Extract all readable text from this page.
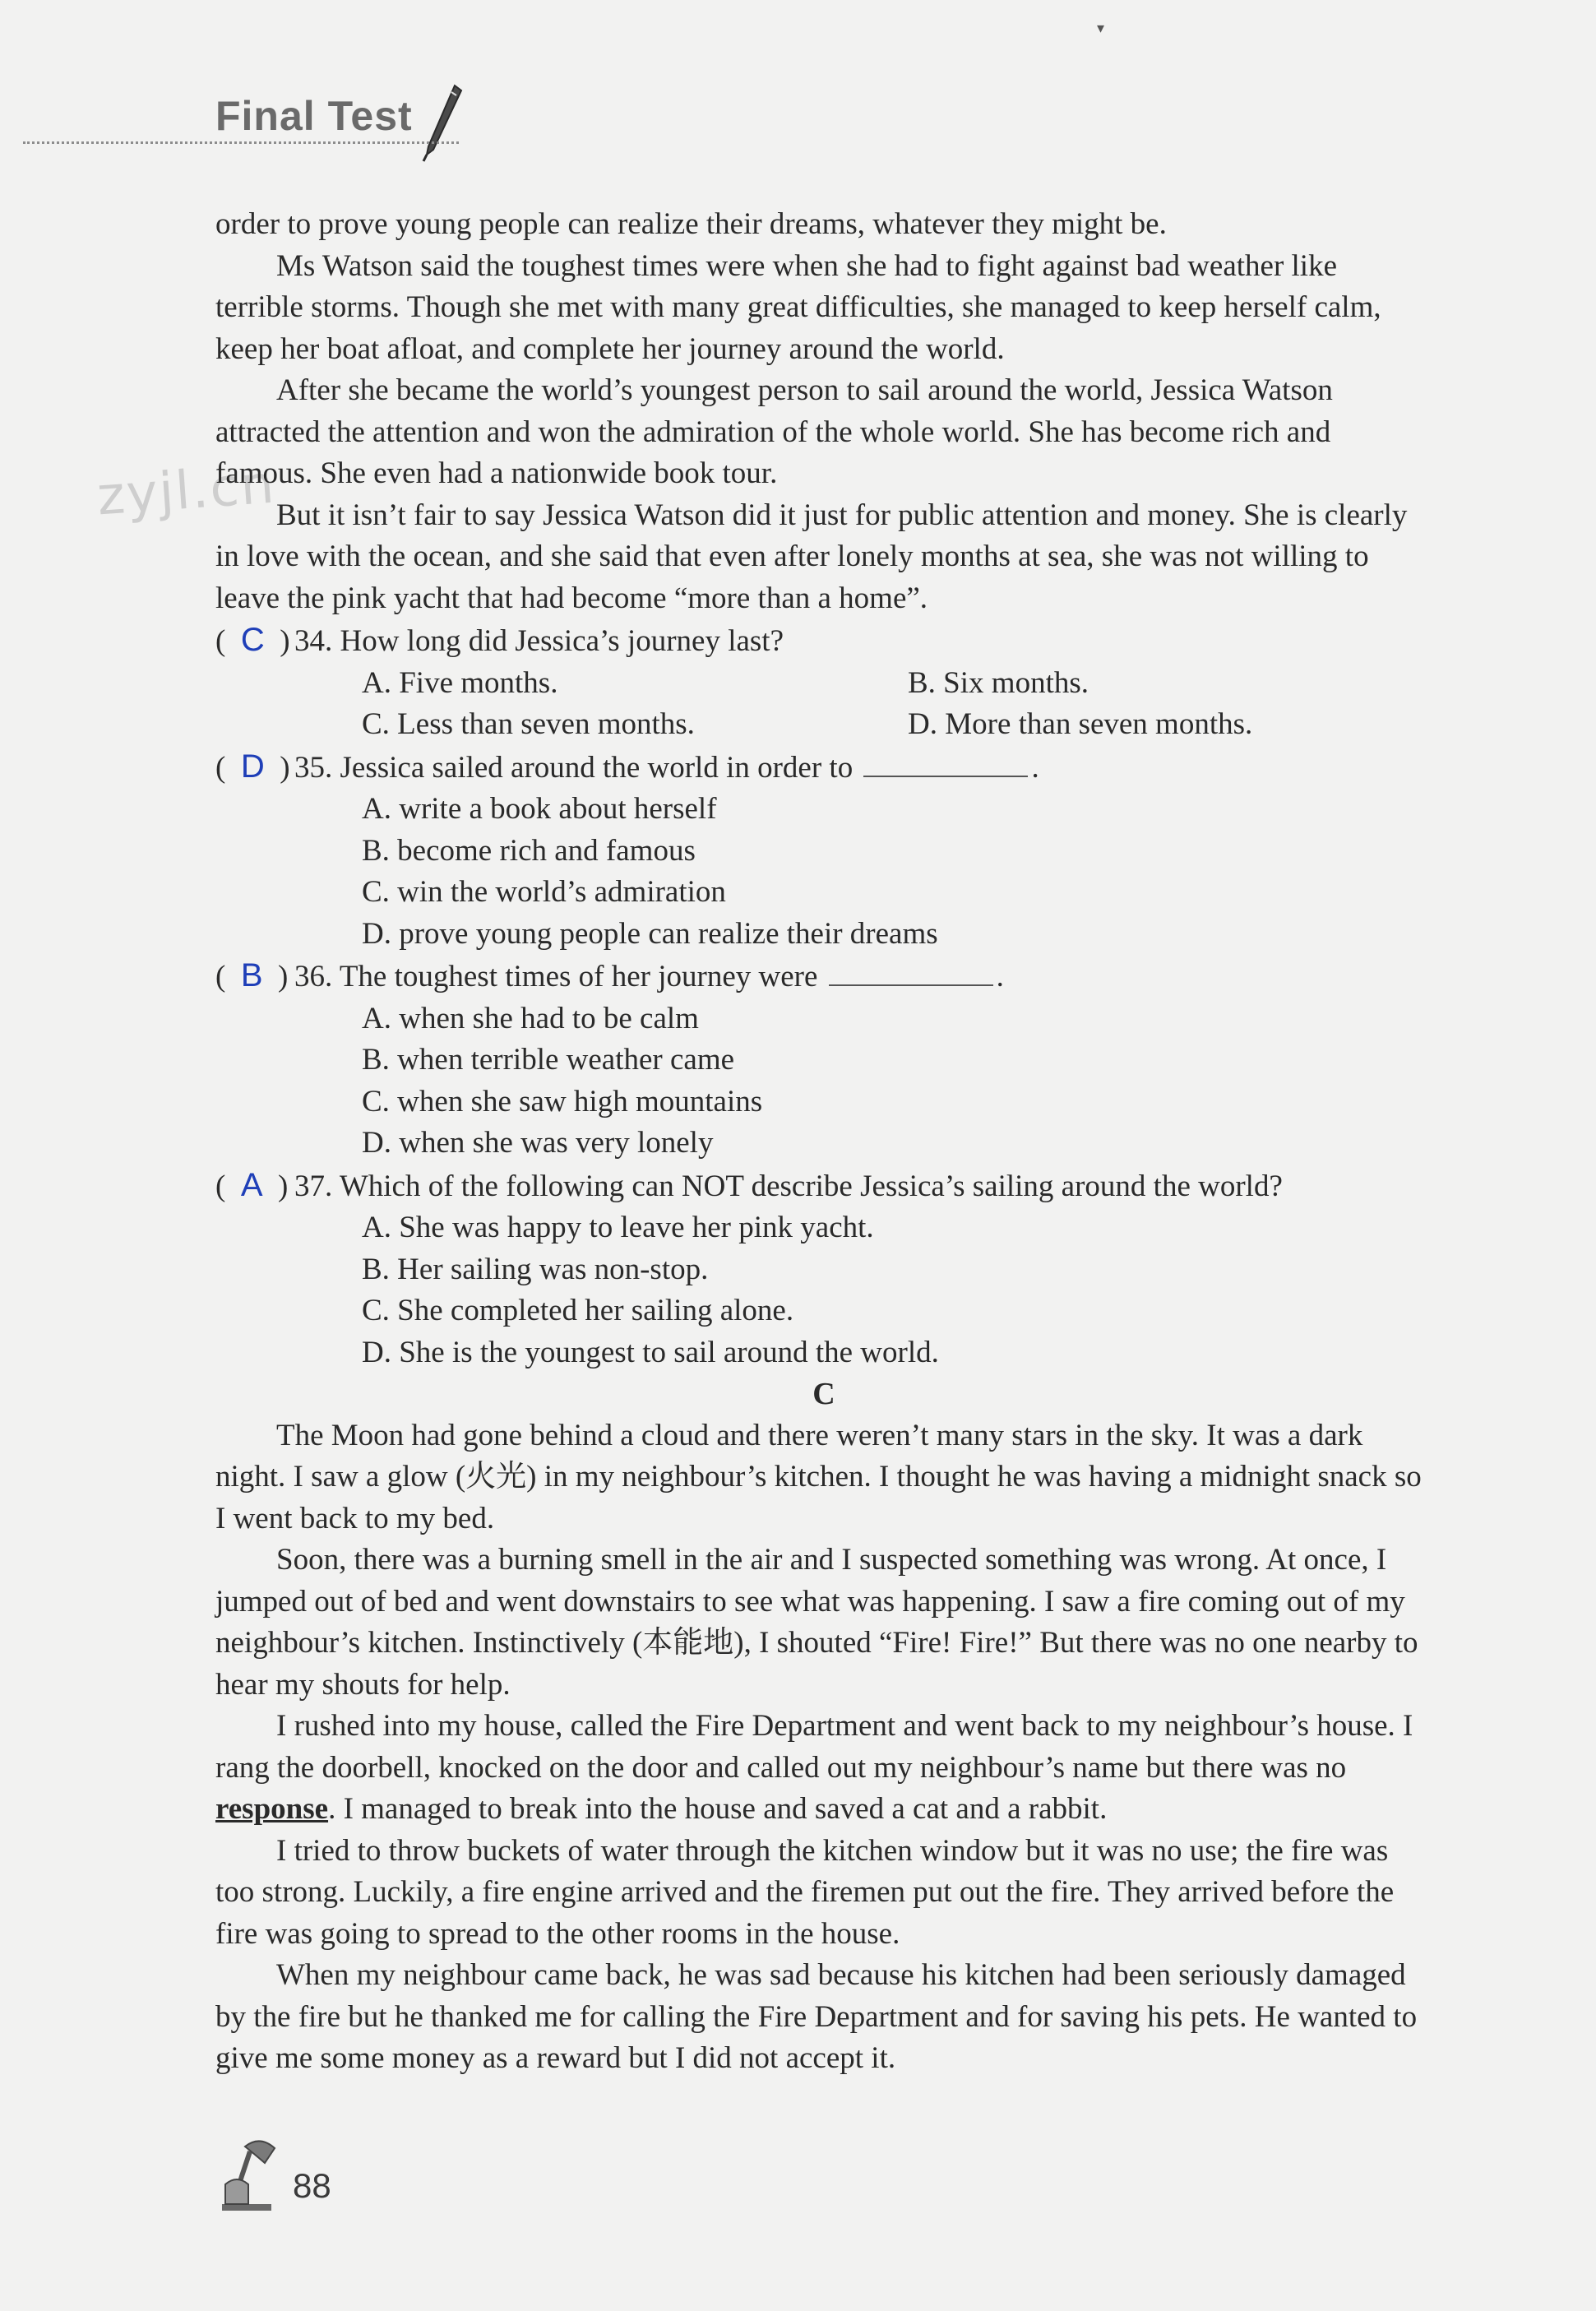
▾
Final Test
zyjl.cn

order to prove young people can realize their dreams, whatever they might be.

Ms Watson said the toughest times were when she had to fight against bad weather like terrible storms. Though she met with many great difficulties, she managed to keep herself calm, keep her boat afloat, and complete her journey around the world.

After she became the world’s youngest person to sail around the world, Jessica Watson attracted the attention and won the admiration of the whole world. She has become rich and famous. She even had a nationwide book tour.

But it isn’t fair to say Jessica Watson did it just for public attention and money. She is clearly in love with the ocean, and she said that even after lonely months at sea, she was not willing to leave the pink yacht that had become “more than a home”.

(  C  ) 34. How long did Jessica’s journey last?

A. Five months.	B. Six months.
C. Less than seven months.	D. More than seven months.

(  D  ) 35. Jessica sailed around the world in order to	.

A. write a book about herself

B. become rich and famous

C. win the world’s admiration

D. prove young people can realize their dreams

(  B  ) 36. The toughest times of her journey were	.

A. when she had to be calm

B. when terrible weather came

C. when she saw high mountains

D. when she was very lonely

(  A  ) 37. Which of the following can NOT describe Jessica’s sailing around the world?

A. She was happy to leave her pink yacht.

B. Her sailing was non-stop.

C. She completed her sailing alone.

D. She is the youngest to sail around the world.

C

The Moon had gone behind a cloud and there weren’t many stars in the sky. It was a dark night. I saw a glow (火光) in my neighbour’s kitchen. I thought he was having a midnight snack so I went back to my bed.

Soon, there was a burning smell in the air and I suspected something was wrong. At once, I jumped out of bed and went downstairs to see what was happening. I saw a fire coming out of my neighbour’s kitchen. Instinctively (本能地), I shouted “Fire! Fire!” But there was no one nearby to hear my shouts for help.

I rushed into my house, called the Fire Department and went back to my neighbour’s house. I rang the doorbell, knocked on the door and called out my neighbour’s name but there was no response. I managed to break into the house and saved a cat and a rabbit.

I tried to throw buckets of water through the kitchen window but it was no use; the fire was too strong. Luckily, a fire engine arrived and the firemen put out the fire. They arrived before the fire was going to spread to the other rooms in the house.

When my neighbour came back, he was sad because his kitchen had been seriously damaged by the fire but he thanked me for calling the Fire Department and for saving his pets. He wanted to give me some money as a reward but I did not accept it.

88
